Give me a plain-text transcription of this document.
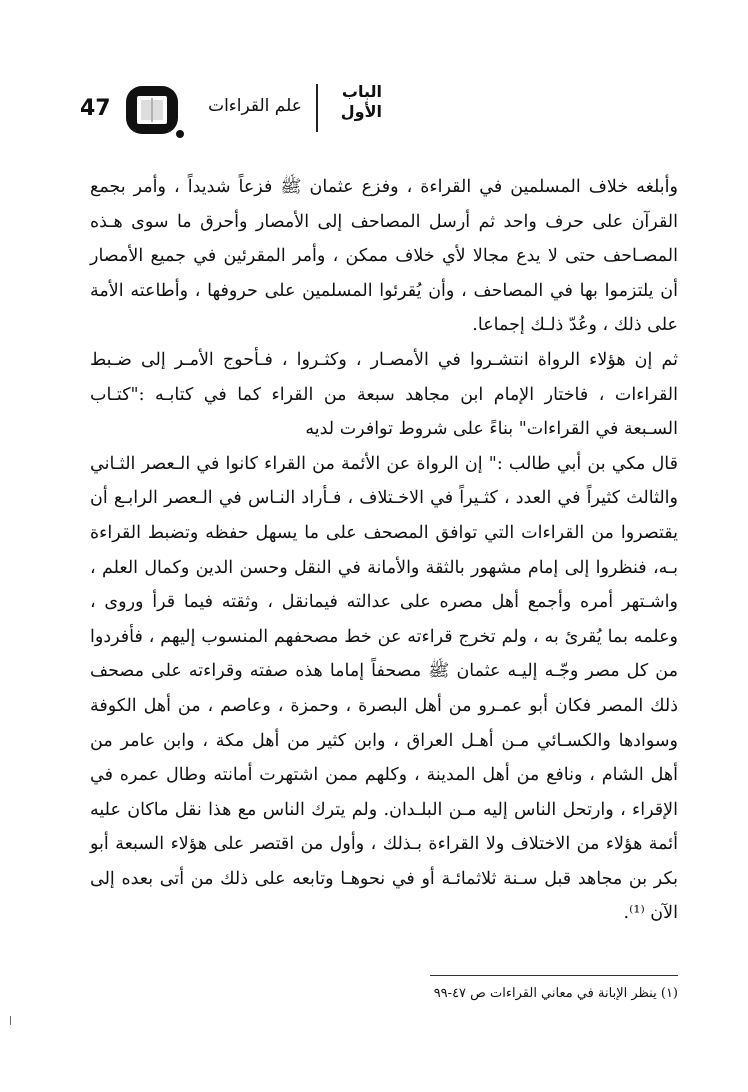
47	علم القراءات
الباب
الأول

وأبلغه خلاف المسلمين في القراءة ، وفزع عثمان ﷺ فزعاً شديداً ، وأمر بجمع القرآن على حرف واحد ثم أرسل المصاحف إلى الأمصار وأحرق ما سوى هـذه المصـاحف حتى لا يدع مجالا لأي خلاف ممكن ، وأمر المقرئين في جميع الأمصار أن يلتزموا بها في المصاحف ، وأن يُقرئوا المسلمين على حروفها ، وأطاعته الأمة على ذلك ، وعُدّ ذلـك إجماعا.

ثم إن هؤلاء الرواة انتشـروا في الأمصـار ، وكثـروا ، فـأحوج الأمـر إلى ضـبط القراءات ، فاختار الإمام ابن مجاهد سبعة من القراء كما في كتابـه :"كتـاب السـبعة في القراءات" بناءً على شروط توافرت لديه

قال مكي بن أبي طالب :" إن الرواة عن الأئمة من القراء كانوا في الـعصر الثـاني والثالث كثيراً في العدد ، كثـيراً في الاخـتلاف ، فـأراد النـاس في الـعصر الرابـع أن يقتصروا من القراءات التي توافق المصحف على ما يسهل حفظه وتضبط القراءة بـه، فنظروا إلى إمام مشهور بالثقة والأمانة في النقل وحسن الدين وكمال العلم ، واشـتهر أمره وأجمع أهل مصره على عدالته فيمانقل ، وثقته فيما قرأ وروى ، وعلمه بما يُقرئ به ، ولم تخرج قراءته عن خط مصحفهم المنسوب إليهم ، فأفردوا من كل مصر وجّـه إليـه عثمان ﷺ مصحفاً إماما هذه صفته وقراءته على مصحف ذلك المصر فكان أبو عمـرو من أهل البصرة ، وحمزة ، وعاصم ، من أهل الكوفة وسوادها والكسـائي مـن أهـل العراق ، وابن كثير من أهل مكة ، وابن عامر من أهل الشام ، ونافع من أهل المدينة ، وكلهم ممن اشتهرت أمانته وطال عمره في الإقراء ، وارتحل الناس إليه مـن البلـدان. ولم يترك الناس مع هذا نقل ماكان عليه أئمة هؤلاء من الاختلاف ولا القراءة بـذلك ، وأول من اقتصر على هؤلاء السبعة أبو بكر بن مجاهد قبل سـنة ثلاثمائـة أو في نحوهـا وتابعه على ذلك من أتى بعده إلى الآن ⁽¹⁾.

(١) ينظر الإبانة في معاني القراءات ص ٤٧-٩٩
